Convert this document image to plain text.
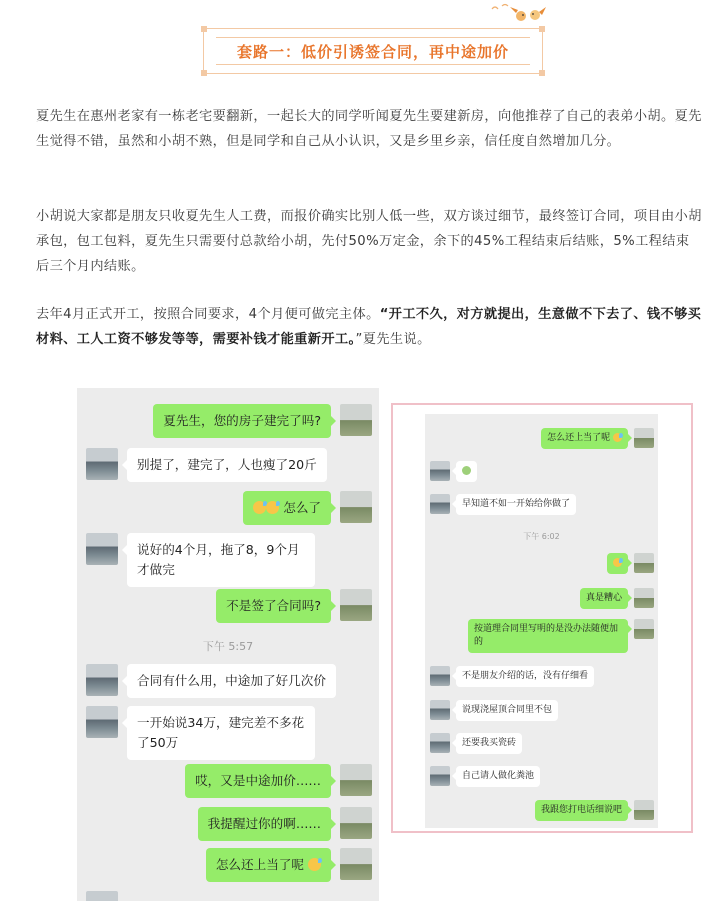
套路一：低价引诱签合同，再中途加价

夏先生在惠州老家有一栋老宅要翻新，一起长大的同学听闻夏先生要建新房，向他推荐了自己的表弟小胡。夏先生觉得不错，虽然和小胡不熟，但是同学和自己从小认识，又是乡里乡亲，信任度自然增加几分。

小胡说大家都是朋友只收夏先生人工费，而报价确实比别人低一些，双方谈过细节，最终签订合同，项目由小胡承包，包工包料，夏先生只需要付总款给小胡，先付50%万定金，余下的45%工程结束后结账，5%工程结束后三个月内结账。

去年4月正式开工，按照合同要求，4个月便可做完主体。“开工不久，对方就提出，生意做不下去了、钱不够买材料、工人工资不够发等等，需要补钱才能重新开工。”夏先生说。

夏先生，您的房子建完了吗?
别提了，建完了，人也瘦了20斤
怎么了
说好的4个月，拖了8，9个月才做完
不是签了合同吗?
下午 5:57
合同有什么用，中途加了好几次价
一开始说34万，建完差不多花了50万
哎，又是中途加价……
我提醒过你的啊……
怎么还上当了呢
怎么还上当了呢
早知道不如一开始给你做了
下午 6:02
真是糟心
按道理合同里写明的是没办法随便加的
不是朋友介绍的话，没有仔细看
说现浇屋顶合同里不包
还要我买瓷砖
自己请人做化粪池
我跟您打电话细说吧
